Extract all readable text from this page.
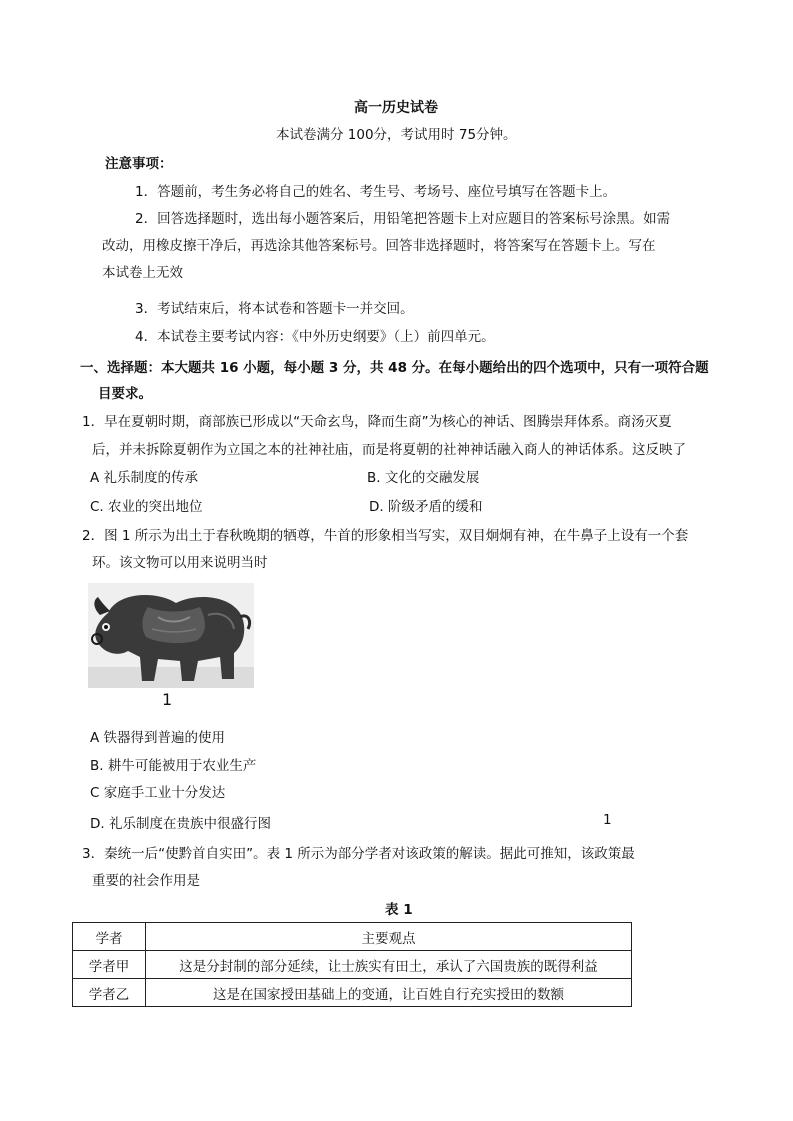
高一历史试卷
本试卷满分 100分，考试用时 75分钟。
注意事项：
1．答题前，考生务必将自己的姓名、考生号、考场号、座位号填写在答题卡上。
2．回答选择题时，选出每小题答案后，用铅笔把答题卡上对应题目的答案标号涂黑。如需
改动，用橡皮擦干净后，再选涂其他答案标号。回答非选择题时，将答案写在答题卡上。写在
本试卷上无效
3．考试结束后，将本试卷和答题卡一并交回。
4．本试卷主要考试内容：《中外历史纲要》（上）前四单元。
一、选择题：本大题共 16 小题，每小题 3 分，共 48 分。在每小题给出的四个选项中，只有一项符合题
目要求。
1．早在夏朝时期，商部族已形成以“天命玄鸟，降而生商”为核心的神话、图腾崇拜体系。商汤灭夏
后，并未拆除夏朝作为立国之本的社神社庙，而是将夏朝的社神神话融入商人的神话体系。这反映了
A 礼乐制度的传承	B. 文化的交融发展
C. 农业的突出地位	D. 阶级矛盾的缓和
2．图 1 所示为出土于春秋晚期的牺尊，牛首的形象相当写实，双目炯炯有神，在牛鼻子上设有一个套
环。该文物可以用来说明当时
1
A 铁器得到普遍的使用
B. 耕牛可能被用于农业生产
C 家庭手工业十分发达
D. 礼乐制度在贵族中很盛行图	1
3．秦统一后“使黔首自实田”。表 1 所示为部分学者对该政策的解读。据此可推知，该政策最
重要的社会作用是
表 1
学者	主要观点
学者甲	这是分封制的部分延续，让士族实有田土，承认了六国贵族的既得利益
学者乙	这是在国家授田基础上的变通，让百姓自行充实授田的数额
